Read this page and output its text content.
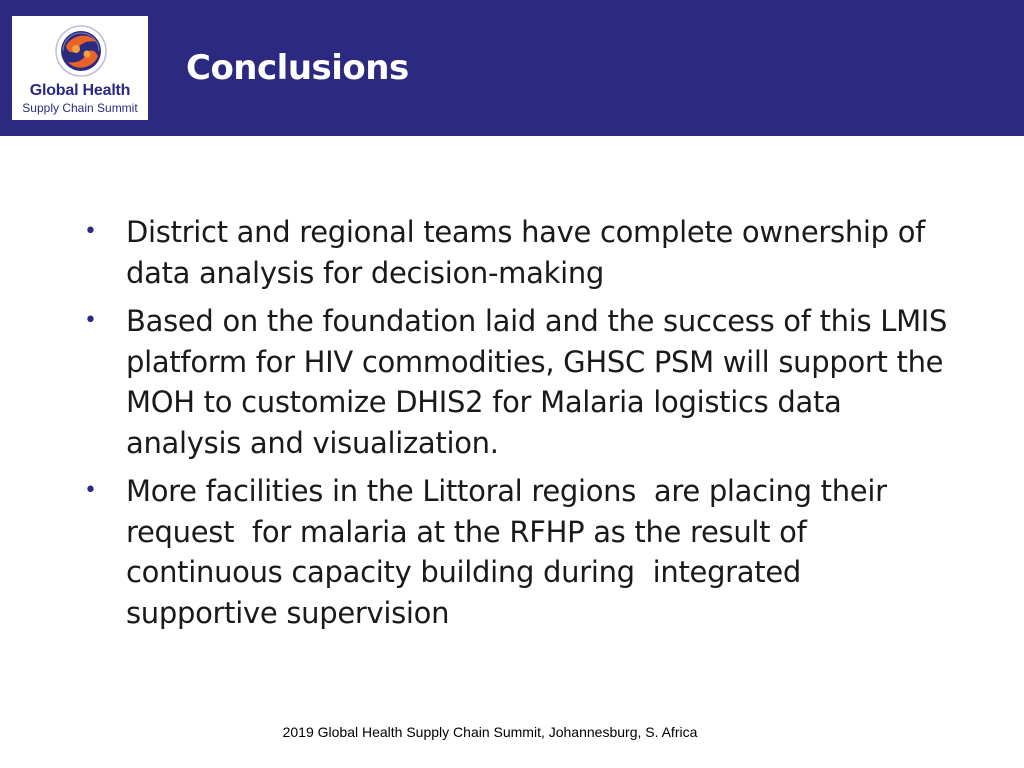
Global Health
Supply Chain Summit
Conclusions
• District and regional teams have complete ownership of data analysis for decision-making
• Based on the foundation laid and the success of this LMIS platform for HIV commodities, GHSC PSM will support the MOH to customize DHIS2 for Malaria logistics data analysis and visualization.
• More facilities in the Littoral regions  are placing their request  for malaria at the RFHP as the result of continuous capacity building during  integrated supportive supervision
2019 Global Health Supply Chain Summit, Johannesburg, S. Africa
